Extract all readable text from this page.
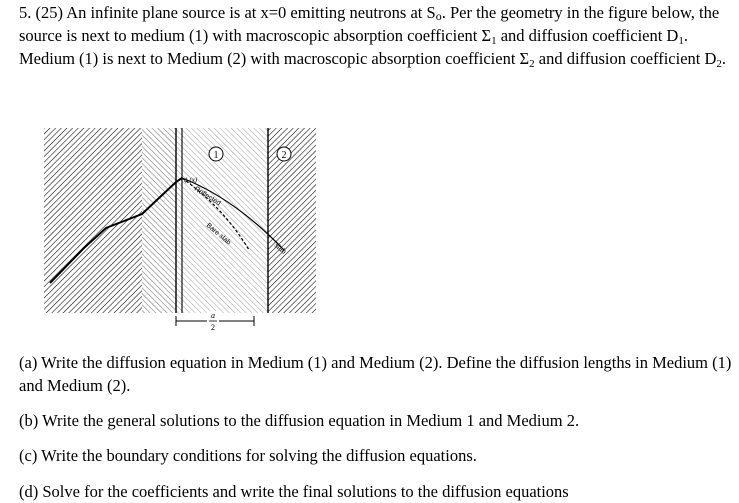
5. (25) An infinite plane source is at x=0 emitting neutrons at $S_o$. Per the geometry in the figure below, the source is next to medium (1) with macroscopic absorption coefficient $\Sigma_1$ and diffusion coefficient $D_1$. Medium (1) is next to Medium (2) with macroscopic absorption coefficient $\Sigma_2$ and diffusion coefficient $D_2$.
1	2
ϕ (x)
Reflected
Bare slab
slab
a
2
(a) Write the diffusion equation in Medium (1) and Medium (2). Define the diffusion lengths in Medium (1) and Medium (2).
(b) Write the general solutions to the diffusion equation in Medium 1 and Medium 2.
(c) Write the boundary conditions for solving the diffusion equations.
(d) Solve for the coefficients and write the final solutions to the diffusion equations
